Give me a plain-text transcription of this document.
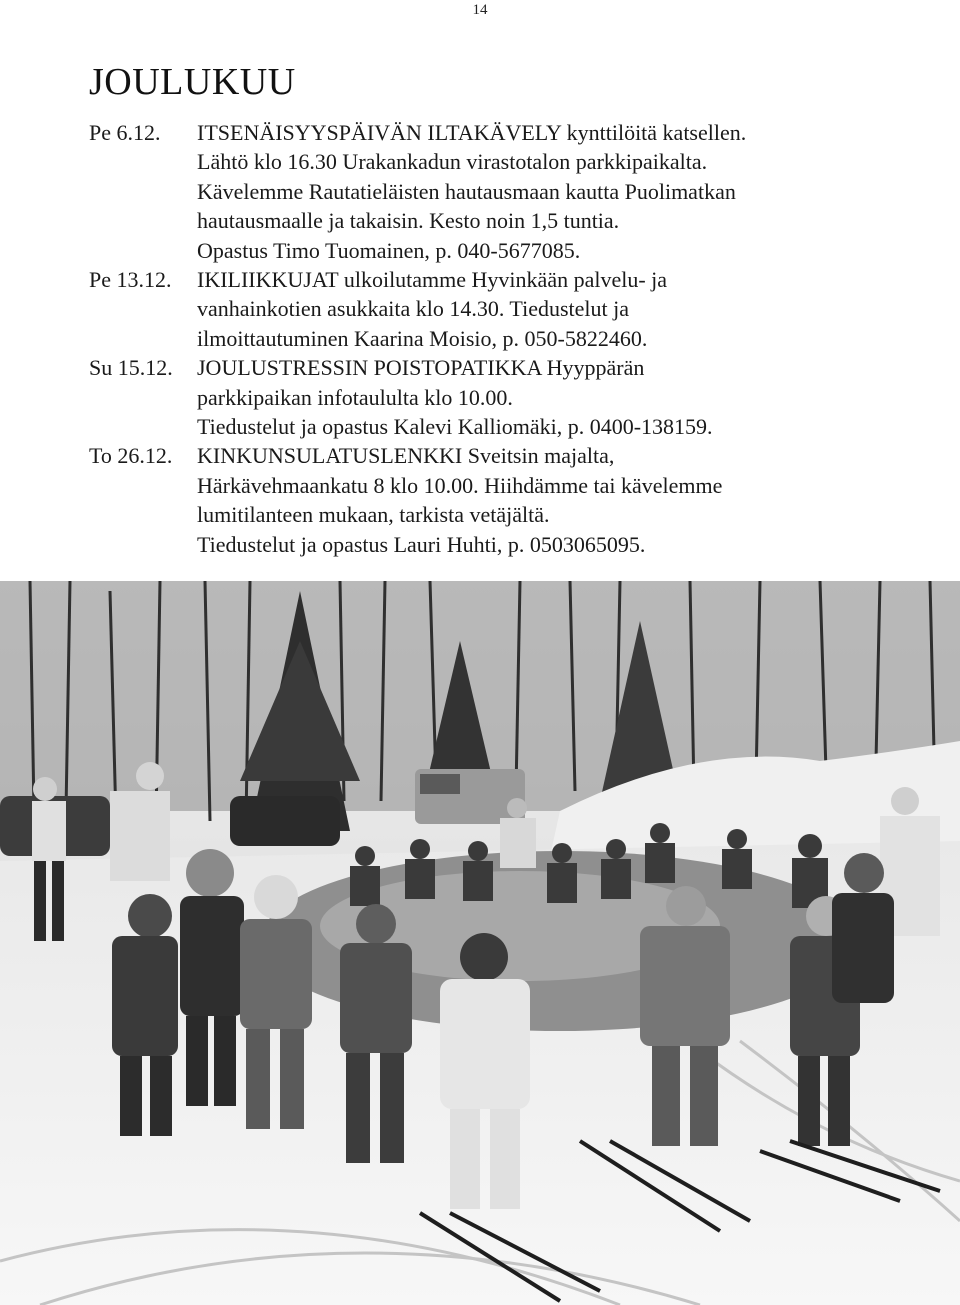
14
JOULUKUU
Pe 6.12.	ITSENÄISYYSPÄIVÄN ILTAKÄVELY kynttilöitä katsellen.
Lähtö klo 16.30 Urakankadun virastotalon parkkipaikalta.
Kävelemme Rautatieläisten hautausmaan kautta Puolimatkan
hautausmaalle ja takaisin. Kesto noin 1,5 tuntia.
Opastus Timo Tuomainen, p. 040-5677085.
Pe 13.12.	IKILIIKKUJAT ulkoilutamme Hyvinkään palvelu- ja
vanhainkotien asukkaita klo 14.30. Tiedustelut ja
ilmoittautuminen Kaarina Moisio, p. 050-5822460.
Su 15.12.	JOULUSTRESSIN POISTOPATIKKA Hyyppärän
parkkipaikan infotaululta klo 10.00.
Tiedustelut ja opastus Kalevi Kalliomäki, p. 0400-138159.
To 26.12.	KINKUNSULATUSLENKKI Sveitsin majalta,
Härkävehmaankatu 8 klo 10.00. Hiihdämme tai kävelemme
lumitilanteen mukaan, tarkista vetäjältä.
Tiedustelut ja opastus Lauri Huhti, p. 0503065095.
